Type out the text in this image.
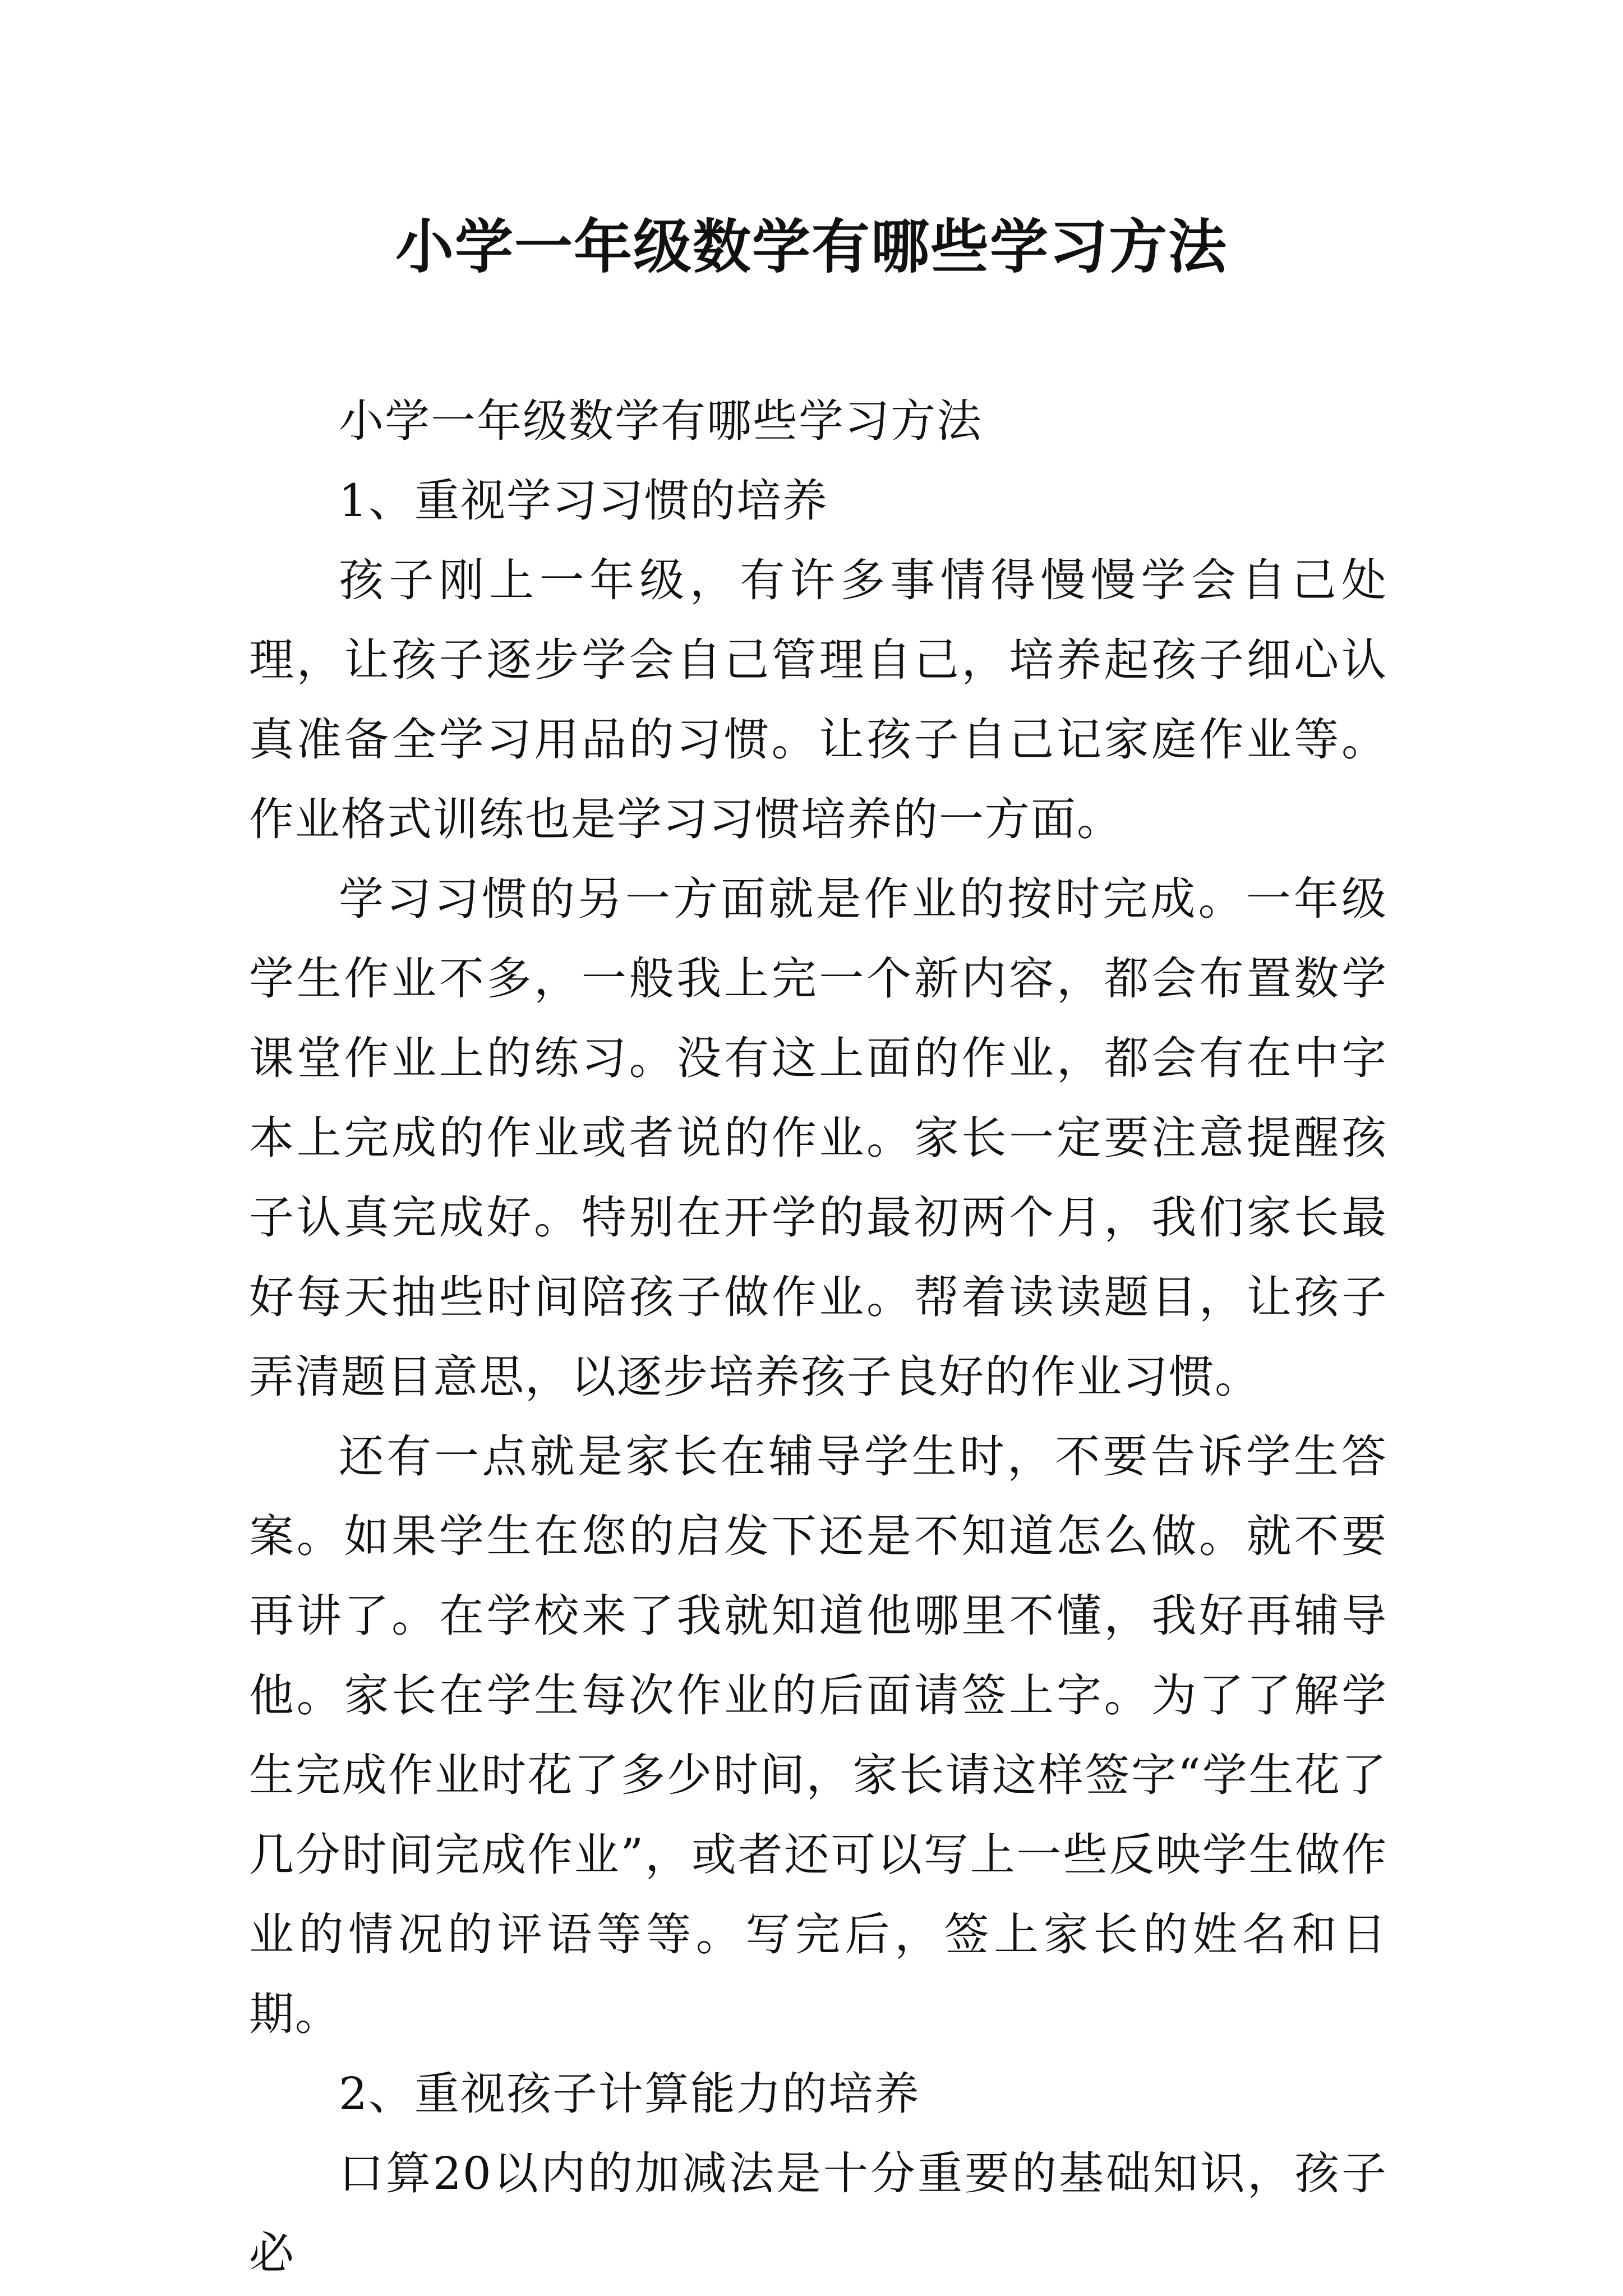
小学一年级数学有哪些学习方法

小学一年级数学有哪些学习方法

1、重视学习习惯的培养

孩子刚上一年级，有许多事情得慢慢学会自己处理，让孩子逐步学会自己管理自己，培养起孩子细心认真准备全学习用品的习惯。让孩子自己记家庭作业等。作业格式训练也是学习习惯培养的一方面。

学习习惯的另一方面就是作业的按时完成。一年级学生作业不多，一般我上完一个新内容，都会布置数学课堂作业上的练习。没有这上面的作业，都会有在中字本上完成的作业或者说的作业。家长一定要注意提醒孩子认真完成好。特别在开学的最初两个月，我们家长最好每天抽些时间陪孩子做作业。帮着读读题目，让孩子弄清题目意思，以逐步培养孩子良好的作业习惯。

还有一点就是家长在辅导学生时，不要告诉学生答案。如果学生在您的启发下还是不知道怎么做。就不要再讲了。在学校来了我就知道他哪里不懂，我好再辅导他。家长在学生每次作业的后面请签上字。为了了解学生完成作业时花了多少时间，家长请这样签字“学生花了几分时间完成作业”，或者还可以写上一些反映学生做作业的情况的评语等等。写完后，签上家长的姓名和日期。

2、重视孩子计算能力的培养

口算20以内的加减法是十分重要的基础知识，孩子必
